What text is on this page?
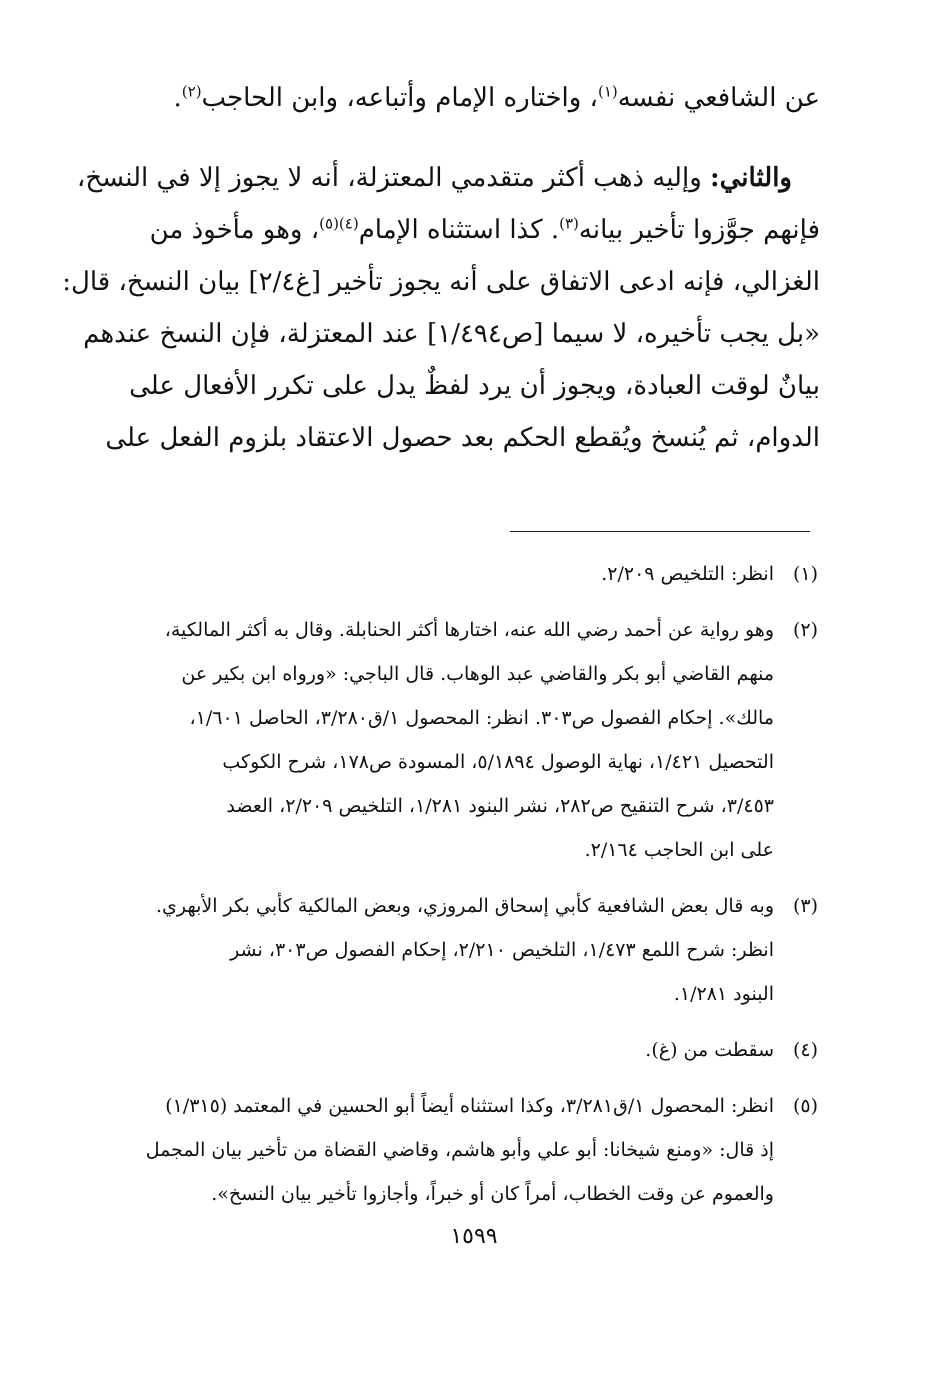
عن الشافعي نفسه$^{(١)}$، واختاره الإمام وأتباعه، وابن الحاجب$^{(٢)}$.

والثاني: وإليه ذهب أكثر متقدمي المعتزلة، أنه لا يجوز إلا في النسخ،

فإنهم جوَّزوا تأخير بيانه$^{(٣)}$. كذا استثناه الإمام$^{(٤)(٥)}$، وهو مأخوذ من

الغزالي، فإنه ادعى الاتفاق على أنه يجوز تأخير [غ٢/٤] بيان النسخ، قال:

«بل يجب تأخيره، لا سيما [ص١/٤٩٤] عند المعتزلة، فإن النسخ عندهم

بيانٌ لوقت العبادة، ويجوز أن يرد لفظٌ يدل على تكرر الأفعال على

الدوام، ثم يُنسخ ويُقطع الحكم بعد حصول الاعتقاد بلزوم الفعل على

(١)

انظر: التلخيص ٢/٢٠٩.

(٢)

وهو رواية عن أحمد رضي الله عنه، اختارها أكثر الحنابلة. وقال به أكثر المالكية،

منهم القاضي أبو بكر والقاضي عبد الوهاب. قال الباجي: «ورواه ابن بكير عن

مالك». إحكام الفصول ص٣٠٣. انظر: المحصول ١/ق٣/٢٨٠، الحاصل ١/٦٠١،

التحصيل ١/٤٢١، نهاية الوصول ٥/١٨٩٤، المسودة ص١٧٨، شرح الكوكب

٣/٤٥٣، شرح التنقيح ص٢٨٢، نشر البنود ١/٢٨١، التلخيص ٢/٢٠٩، العضد

على ابن الحاجب ٢/١٦٤.

(٣)

وبه قال بعض الشافعية كأبي إسحاق المروزي، وبعض المالكية كأبي بكر الأبهري.

انظر: شرح اللمع ١/٤٧٣، التلخيص ٢/٢١٠، إحكام الفصول ص٣٠٣، نشر

البنود ١/٢٨١.

(٤)

سقطت من (غ).

(٥)

انظر: المحصول ١/ق٣/٢٨١، وكذا استثناه أيضاً أبو الحسين في المعتمد (١/٣١٥)

إذ قال: «ومنع شيخانا: أبو علي وأبو هاشم، وقاضي القضاة من تأخير بيان المجمل

والعموم عن وقت الخطاب، أمراً كان أو خبراً، وأجازوا تأخير بيان النسخ».

١٥٩٩
